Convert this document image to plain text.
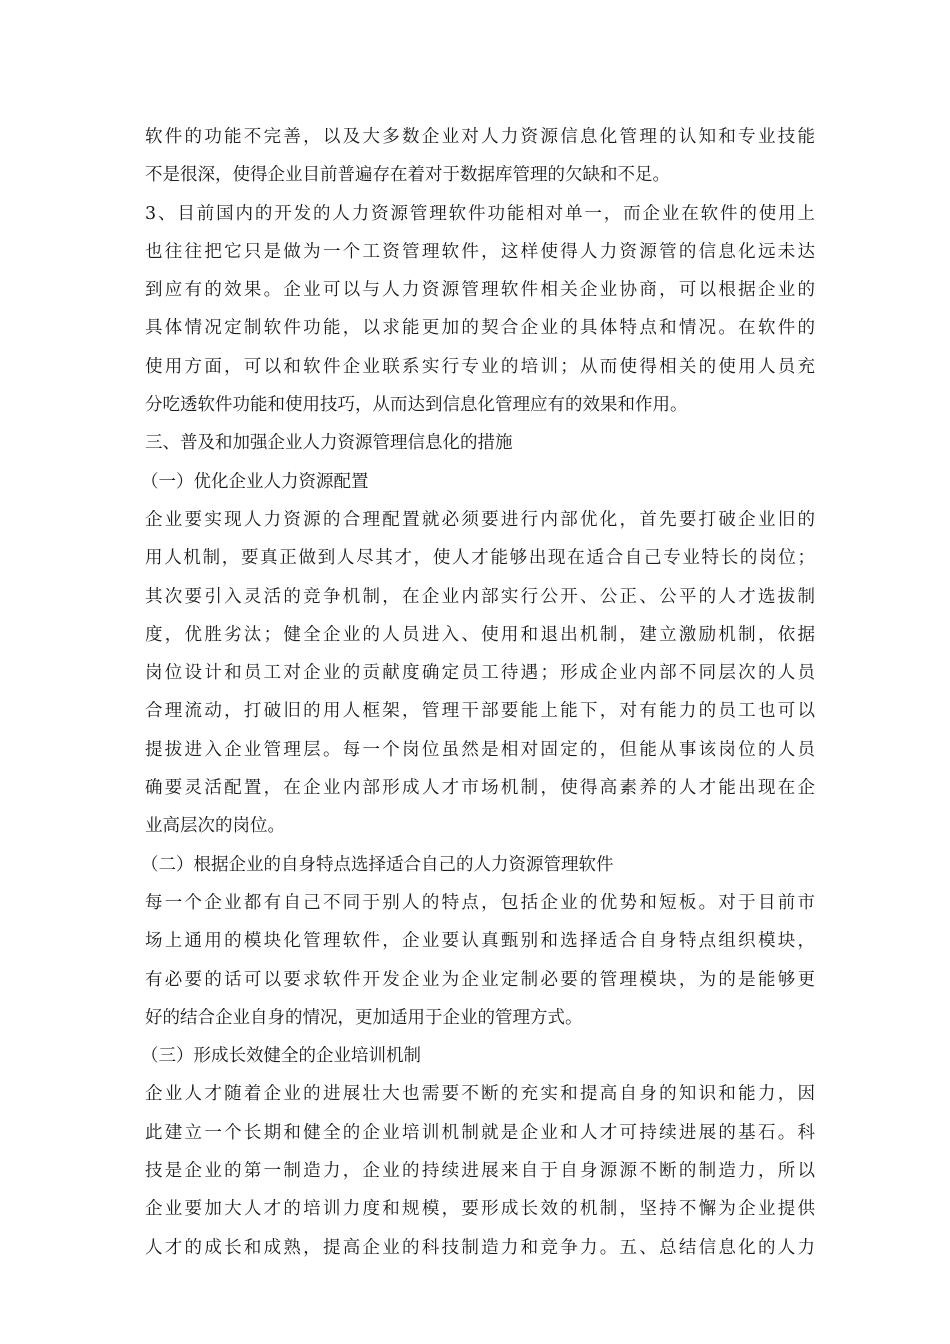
软件的功能不完善，以及大多数企业对人力资源信息化管理的认知和专业技能
不是很深，使得企业目前普遍存在着对于数据库管理的欠缺和不足。
3、目前国内的开发的人力资源管理软件功能相对单一，而企业在软件的使用上
也往往把它只是做为一个工资管理软件，这样使得人力资源管的信息化远未达
到应有的效果。企业可以与人力资源管理软件相关企业协商，可以根据企业的
具体情况定制软件功能，以求能更加的契合企业的具体特点和情况。在软件的
使用方面，可以和软件企业联系实行专业的培训；从而使得相关的使用人员充
分吃透软件功能和使用技巧，从而达到信息化管理应有的效果和作用。
三、普及和加强企业人力资源管理信息化的措施
（一）优化企业人力资源配置
企业要实现人力资源的合理配置就必须要进行内部优化，首先要打破企业旧的
用人机制，要真正做到人尽其才，使人才能够出现在适合自己专业特长的岗位；
其次要引入灵活的竞争机制，在企业内部实行公开、公正、公平的人才选拔制
度，优胜劣汰；健全企业的人员进入、使用和退出机制，建立激励机制，依据
岗位设计和员工对企业的贡献度确定员工待遇；形成企业内部不同层次的人员
合理流动，打破旧的用人框架，管理干部要能上能下，对有能力的员工也可以
提拔进入企业管理层。每一个岗位虽然是相对固定的，但能从事该岗位的人员
确要灵活配置，在企业内部形成人才市场机制，使得高素养的人才能出现在企
业高层次的岗位。
（二）根据企业的自身特点选择适合自己的人力资源管理软件
每一个企业都有自己不同于别人的特点，包括企业的优势和短板。对于目前市
场上通用的模块化管理软件，企业要认真甄别和选择适合自身特点组织模块，
有必要的话可以要求软件开发企业为企业定制必要的管理模块，为的是能够更
好的结合企业自身的情况，更加适用于企业的管理方式。
（三）形成长效健全的企业培训机制
企业人才随着企业的进展壮大也需要不断的充实和提高自身的知识和能力，因
此建立一个长期和健全的企业培训机制就是企业和人才可持续进展的基石。科
技是企业的第一制造力，企业的持续进展来自于自身源源不断的制造力，所以
企业要加大人才的培训力度和规模，要形成长效的机制，坚持不懈为企业提供
人才的成长和成熟，提高企业的科技制造力和竞争力。五、总结信息化的人力
